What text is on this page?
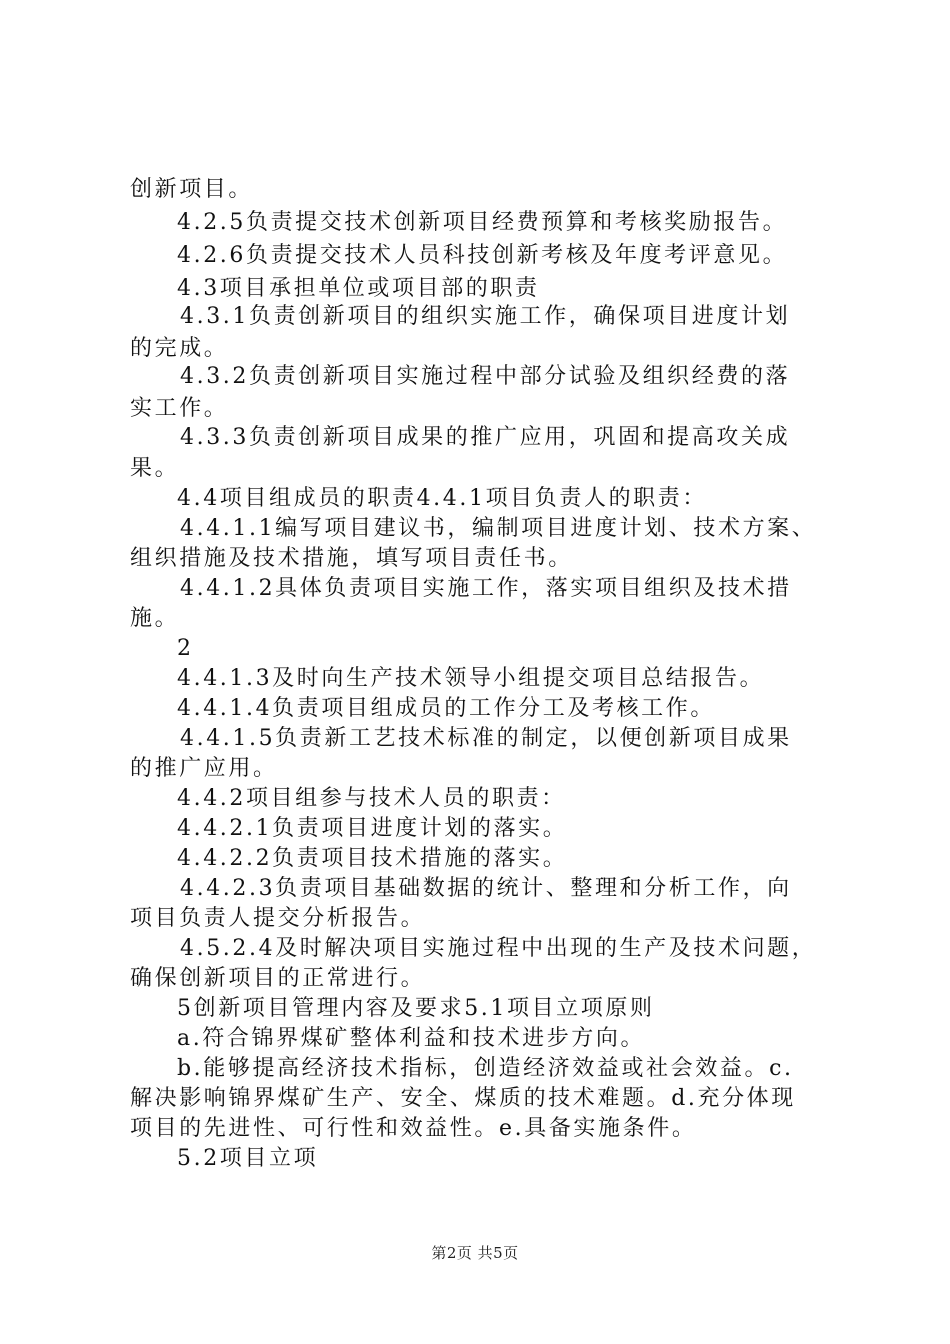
创新项目。
4.2.5负责提交技术创新项目经费预算和考核奖励报告。
4.2.6负责提交技术人员科技创新考核及年度考评意见。
4.3项目承担单位或项目部的职责
4.3.1负责创新项目的组织实施工作，确保项目进度计划
的完成。
4.3.2负责创新项目实施过程中部分试验及组织经费的落
实工作。
4.3.3负责创新项目成果的推广应用，巩固和提高攻关成
果。
4.4项目组成员的职责4.4.1项目负责人的职责：
4.4.1.1编写项目建议书，编制项目进度计划、技术方案、
组织措施及技术措施，填写项目责任书。
4.4.1.2具体负责项目实施工作，落实项目组织及技术措
施。
2
4.4.1.3及时向生产技术领导小组提交项目总结报告。
4.4.1.4负责项目组成员的工作分工及考核工作。
4.4.1.5负责新工艺技术标准的制定，以便创新项目成果
的推广应用。
4.4.2项目组参与技术人员的职责：
4.4.2.1负责项目进度计划的落实。
4.4.2.2负责项目技术措施的落实。
4.4.2.3负责项目基础数据的统计、整理和分析工作，向
项目负责人提交分析报告。
4.5.2.4及时解决项目实施过程中出现的生产及技术问题，
确保创新项目的正常进行。
5创新项目管理内容及要求5.1项目立项原则
a.符合锦界煤矿整体利益和技术进步方向。
b.能够提高经济技术指标，创造经济效益或社会效益。c.
解决影响锦界煤矿生产、安全、煤质的技术难题。d.充分体现
项目的先进性、可行性和效益性。e.具备实施条件。
5.2项目立项
第2页 共5页
